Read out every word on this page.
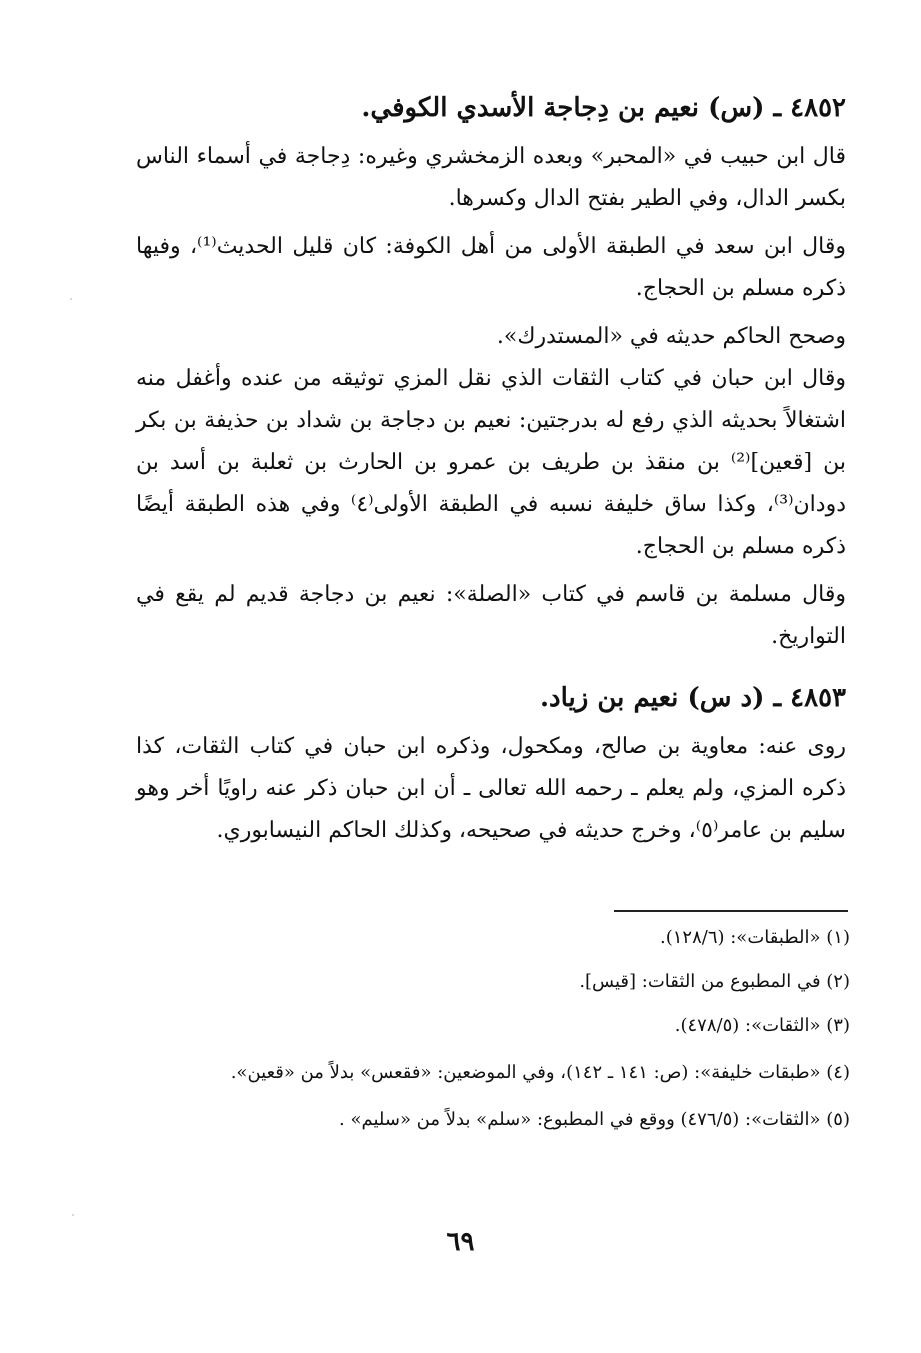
٤٨٥٢ ـ (س) نعيم بن دِجاجة الأسدي الكوفي.

قال ابن حبيب في «المحبر» وبعده الزمخشري وغيره: دِجاجة في أسماء الناس بكسر الدال، وفي الطير بفتح الدال وكسرها.

وقال ابن سعد في الطبقة الأولى من أهل الكوفة: كان قليل الحديث⁽¹⁾، وفيها ذكره مسلم بن الحجاج.

وصحح الحاكم حديثه في «المستدرك».

وقال ابن حبان في كتاب الثقات الذي نقل المزي توثيقه من عنده وأغفل منه اشتغالاً بحديثه الذي رفع له بدرجتين: نعيم بن دجاجة بن شداد بن حذيفة بن بكر بن [قعين]⁽²⁾ بن منقذ بن طريف بن عمرو بن الحارث بن ثعلبة بن أسد بن دودان⁽³⁾، وكذا ساق خليفة نسبه في الطبقة الأولى⁽٤⁾ وفي هذه الطبقة أيضًا ذكره مسلم بن الحجاج.

وقال مسلمة بن قاسم في كتاب «الصلة»: نعيم بن دجاجة قديم لم يقع في التواريخ.

٤٨٥٣ ـ (د س) نعيم بن زياد.

روى عنه: معاوية بن صالح، ومكحول، وذكره ابن حبان في كتاب الثقات، كذا ذكره المزي، ولم يعلم ـ رحمه الله تعالى ـ أن ابن حبان ذكر عنه راويًا أخر وهو سليم بن عامر⁽٥⁾، وخرج حديثه في صحيحه، وكذلك الحاكم النيسابوري.

(١) «الطبقات»: (١٢٨/٦).
(٢) في المطبوع من الثقات: [قيس].
(٣) «الثقات»: (٤٧٨/٥).
(٤) «طبقات خليفة»: (ص: ١٤١ ـ ١٤٢)، وفي الموضعين: «فقعس» بدلاً من «قعين».
(٥) «الثقات»: (٤٧٦/٥) ووقع في المطبوع: «سلم» بدلاً من «سليم» .
٦٩
